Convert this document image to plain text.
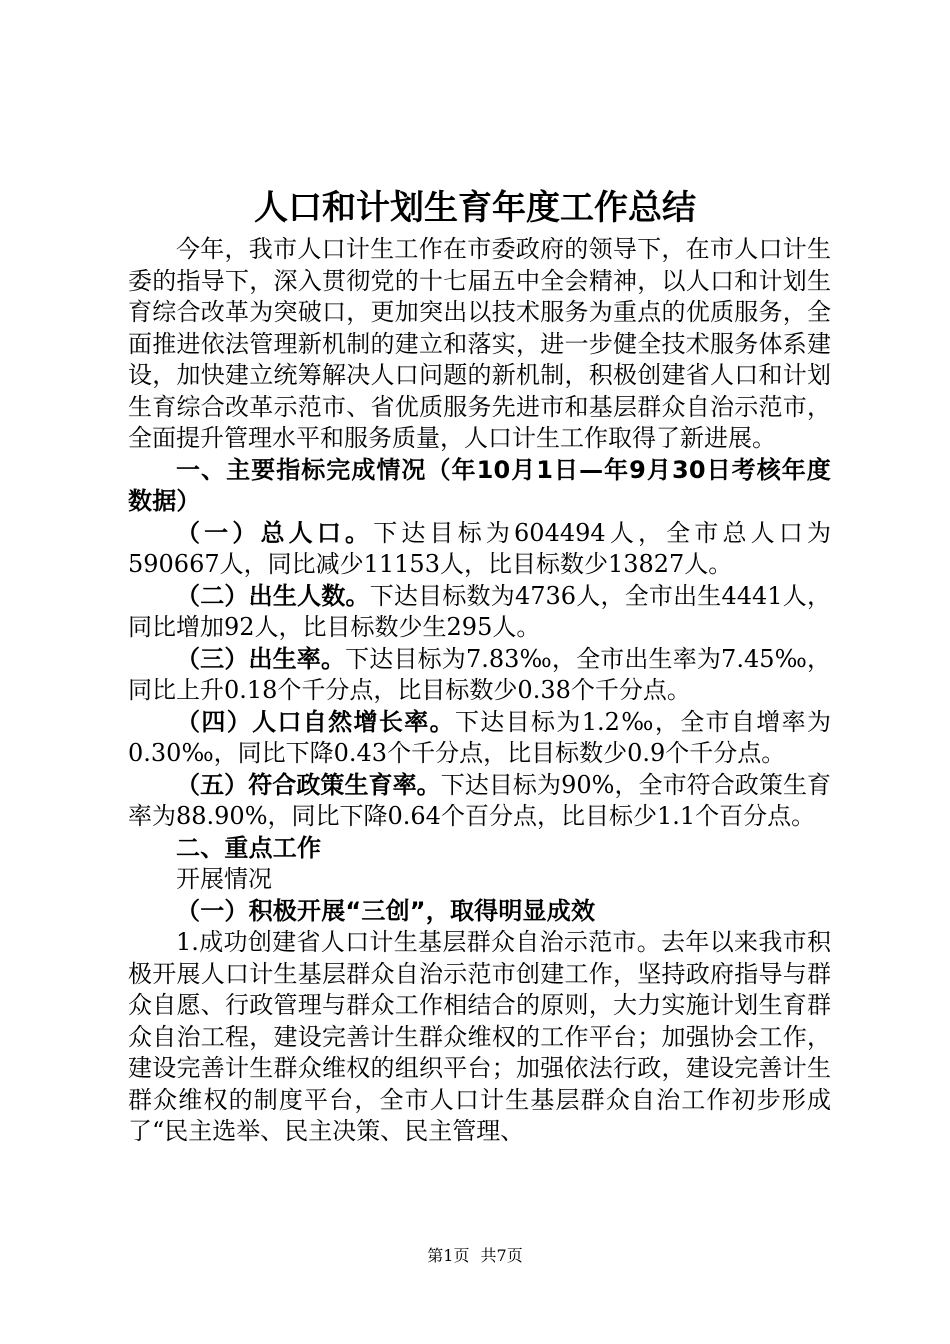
人口和计划生育年度工作总结

今年，我市人口计生工作在市委政府的领导下，在市人口计生委的指导下，深入贯彻党的十七届五中全会精神，以人口和计划生育综合改革为突破口，更加突出以技术服务为重点的优质服务，全面推进依法管理新机制的建立和落实，进一步健全技术服务体系建设，加快建立统筹解决人口问题的新机制，积极创建省人口和计划生育综合改革示范市、省优质服务先进市和基层群众自治示范市，全面提升管理水平和服务质量，人口计生工作取得了新进展。

一、主要指标完成情况（年10月1日—年9月30日考核年度数据）

（一）总人口。下达目标为604494人，全市总人口为590667人，同比减少11153人，比目标数少13827人。

（二）出生人数。下达目标数为4736人，全市出生4441人，同比增加92人，比目标数少生295人。

（三）出生率。下达目标为7.83‰，全市出生率为7.45‰，同比上升0.18个千分点，比目标数少0.38个千分点。

（四）人口自然增长率。下达目标为1.2‰，全市自增率为0.30‰，同比下降0.43个千分点，比目标数少0.9个千分点。

（五）符合政策生育率。下达目标为90%，全市符合政策生育率为88.90%，同比下降0.64个百分点，比目标少1.1个百分点。

二、重点工作

开展情况

（一）积极开展“三创”，取得明显成效

1.成功创建省人口计生基层群众自治示范市。去年以来我市积极开展人口计生基层群众自治示范市创建工作，坚持政府指导与群众自愿、行政管理与群众工作相结合的原则，大力实施计划生育群众自治工程，建设完善计生群众维权的工作平台；加强协会工作，建设完善计生群众维权的组织平台；加强依法行政，建设完善计生群众维权的制度平台，全市人口计生基层群众自治工作初步形成了“民主选举、民主决策、民主管理、

第1页 共7页
